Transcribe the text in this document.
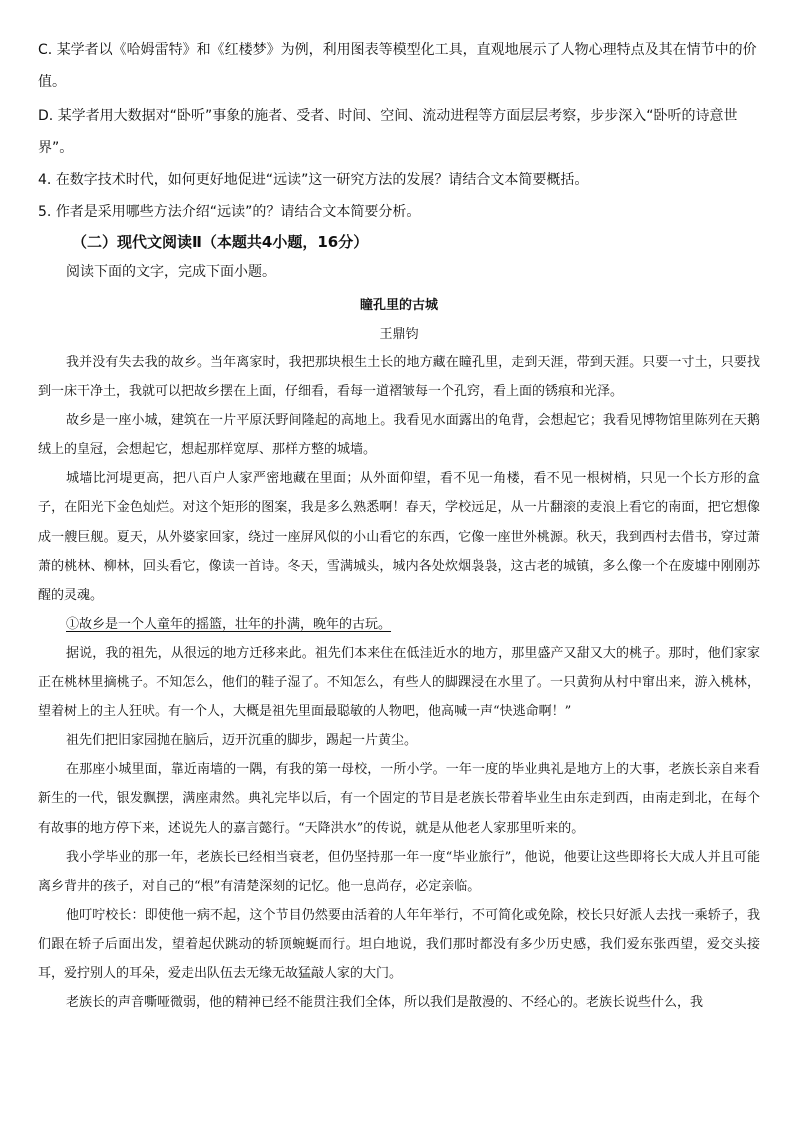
C. 某学者以《哈姆雷特》和《红楼梦》为例，利用图表等模型化工具，直观地展示了人物心理特点及其在情节中的价
值。
D. 某学者用大数据对“卧听”事象的施者、受者、时间、空间、流动进程等方面层层考察，步步深入“卧听的诗意世
界”。
4. 在数字技术时代，如何更好地促进“远读”这一研究方法的发展？请结合文本简要概括。
5. 作者是采用哪些方法介绍“远读”的？请结合文本简要分析。
（二）现代文阅读Ⅱ（本题共4小题，16分）
阅读下面的文字，完成下面小题。
瞳孔里的古城
王鼎钧

我并没有失去我的故乡。当年离家时，我把那块根生土长的地方藏在瞳孔里，走到天涯，带到天涯。只要一寸土，只要找到一床干净土，我就可以把故乡摆在上面，仔细看，看每一道褶皱每一个孔窍，看上面的锈痕和光泽。

故乡是一座小城，建筑在一片平原沃野间隆起的高地上。我看见水面露出的龟背，会想起它；我看见博物馆里陈列在天鹅绒上的皇冠，会想起它，想起那样宽厚、那样方整的城墙。

城墙比河堤更高，把八百户人家严密地藏在里面；从外面仰望，看不见一角楼，看不见一根树梢，只见一个长方形的盒子，在阳光下金色灿烂。对这个矩形的图案，我是多么熟悉啊！春天，学校远足，从一片翻滚的麦浪上看它的南面，把它想像成一艘巨舰。夏天，从外婆家回家，绕过一座屏风似的小山看它的东西，它像一座世外桃源。秋天，我到西村去借书，穿过萧萧的桃林、柳林，回头看它，像读一首诗。冬天，雪满城头，城内各处炊烟袅袅，这古老的城镇，多么像一个在废墟中刚刚苏醒的灵魂。

①故乡是一个人童年的摇篮，壮年的扑满，晚年的古玩。

据说，我的祖先，从很远的地方迁移来此。祖先们本来住在低洼近水的地方，那里盛产又甜又大的桃子。那时，他们家家正在桃林里摘桃子。不知怎么，他们的鞋子湿了。不知怎么，有些人的脚踝浸在水里了。一只黄狗从村中窜出来，游入桃林，望着树上的主人狂吠。有一个人，大概是祖先里面最聪敏的人物吧，他高喊一声“快逃命啊！”

祖先们把旧家园抛在脑后，迈开沉重的脚步，踢起一片黄尘。

在那座小城里面，靠近南墙的一隅，有我的第一母校，一所小学。一年一度的毕业典礼是地方上的大事，老族长亲自来看新生的一代，银发飘摆，满座肃然。典礼完毕以后，有一个固定的节目是老族长带着毕业生由东走到西，由南走到北，在每个有故事的地方停下来，述说先人的嘉言懿行。“天降洪水”的传说，就是从他老人家那里听来的。

我小学毕业的那一年，老族长已经相当衰老，但仍坚持那一年一度“毕业旅行”，他说，他要让这些即将长大成人并且可能离乡背井的孩子，对自己的“根”有清楚深刻的记忆。他一息尚存，必定亲临。

他叮咛校长：即使他一病不起，这个节目仍然要由活着的人年年举行，不可简化或免除，校长只好派人去找一乘轿子，我们跟在轿子后面出发，望着起伏跳动的轿顶蜿蜒而行。坦白地说，我们那时都没有多少历史感，我们爱东张西望，爱交头接耳，爱拧别人的耳朵，爱走出队伍去无缘无故猛敲人家的大门。

老族长的声音嘶哑微弱，他的精神已经不能贯注我们全体，所以我们是散漫的、不经心的。老族长说些什么，我
